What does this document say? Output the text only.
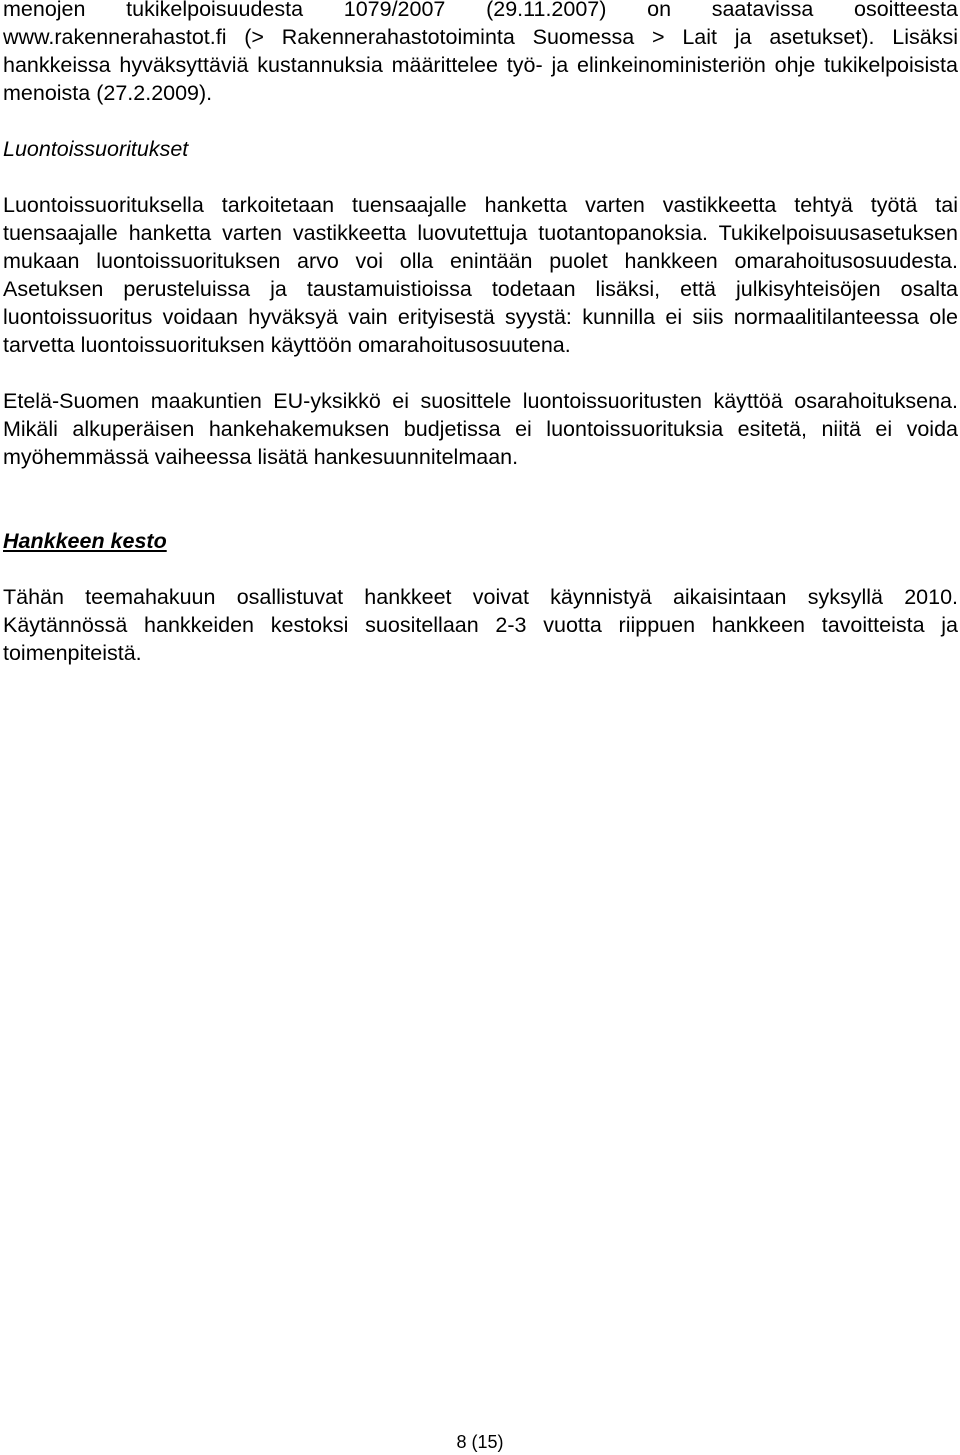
menojen tukikelpoisuudesta 1079/2007 (29.11.2007) on saatavissa osoitteesta www.rakennerahastot.fi (> Rakennerahastotoiminta Suomessa > Lait ja asetukset). Lisäksi hankkeissa hyväksyttäviä kustannuksia määrittelee työ- ja elinkeinoministeriön ohje tukikelpoisista menoista (27.2.2009).

Luontoissuoritukset

Luontoissuorituksella tarkoitetaan tuensaajalle hanketta varten vastikkeetta tehtyä työtä tai tuensaajalle hanketta varten vastikkeetta luovutettuja tuotantopanoksia. Tukikelpoisuusasetuksen mukaan luontoissuorituksen arvo voi olla enintään puolet hankkeen omarahoitusosuudesta. Asetuksen perusteluissa ja taustamuistioissa todetaan lisäksi, että julkisyhteisöjen osalta luontoissuoritus voidaan hyväksyä vain erityisestä syystä: kunnilla ei siis normaalitilanteessa ole tarvetta luontoissuorituksen käyttöön omarahoitusosuutena.

Etelä-Suomen maakuntien EU-yksikkö ei suosittele luontoissuoritusten käyttöä osarahoituksena. Mikäli alkuperäisen hankehakemuksen budjetissa ei luontoissuorituksia esitetä, niitä ei voida myöhemmässä vaiheessa lisätä hankesuunnitelmaan.

Hankkeen kesto

Tähän teemahakuun osallistuvat hankkeet voivat käynnistyä aikaisintaan syksyllä 2010. Käytännössä hankkeiden kestoksi suositellaan 2-3 vuotta riippuen hankkeen tavoitteista ja toimenpiteistä.

8 (15)
